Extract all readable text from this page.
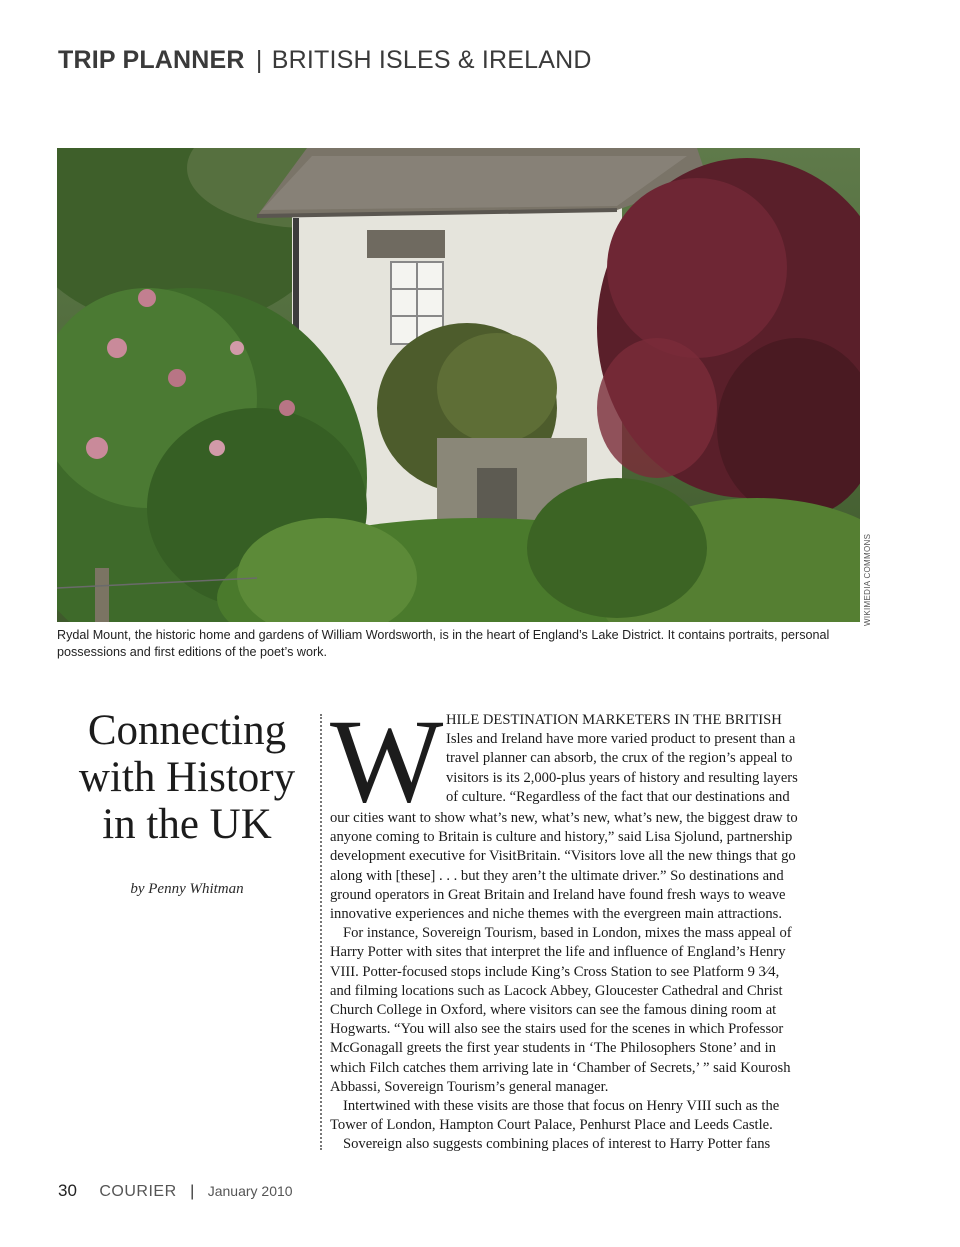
TRIP PLANNER | BRITISH ISLES & IRELAND
WIKIMEDIA COMMONS
Rydal Mount, the historic home and gardens of William Wordsworth, is in the heart of England’s Lake District. It contains portraits, personal possessions and first editions of the poet’s work.
Connecting
with History
in the UK
by Penny Whitman
W HILE DESTINATION MARKETERS IN THE BRITISH

Isles and Ireland have more varied product to present than a

travel planner can absorb, the crux of the region’s appeal to

visitors is its 2,000-plus years of history and resulting layers

of culture. “Regardless of the fact that our destinations and

our cities want to show what’s new, what’s new, what’s new, the biggest draw to

anyone coming to Britain is culture and history,” said Lisa Sjolund, partnership

development executive for VisitBritain. “Visitors love all the new things that go

along with [these] . . . but they aren’t the ultimate driver.” So destinations and

ground operators in Great Britain and Ireland have found fresh ways to weave

innovative experiences and niche themes with the evergreen main attractions.

For instance, Sovereign Tourism, based in London, mixes the mass appeal of

Harry Potter with sites that interpret the life and influence of England’s Henry

VIII. Potter-focused stops include King’s Cross Station to see Platform 9 3⁄4,

and filming locations such as Lacock Abbey, Gloucester Cathedral and Christ

Church College in Oxford, where visitors can see the famous dining room at

Hogwarts. “You will also see the stairs used for the scenes in which Professor

McGonagall greets the first year students in ‘The Philosophers Stone’ and in

which Filch catches them arriving late in ‘Chamber of Secrets,’ ” said Kourosh

Abbassi, Sovereign Tourism’s general manager.

Intertwined with these visits are those that focus on Henry VIII such as the

Tower of London, Hampton Court Palace, Penhurst Place and Leeds Castle.

Sovereign also suggests combining places of interest to Harry Potter fans

30 COURIER | January 2010
